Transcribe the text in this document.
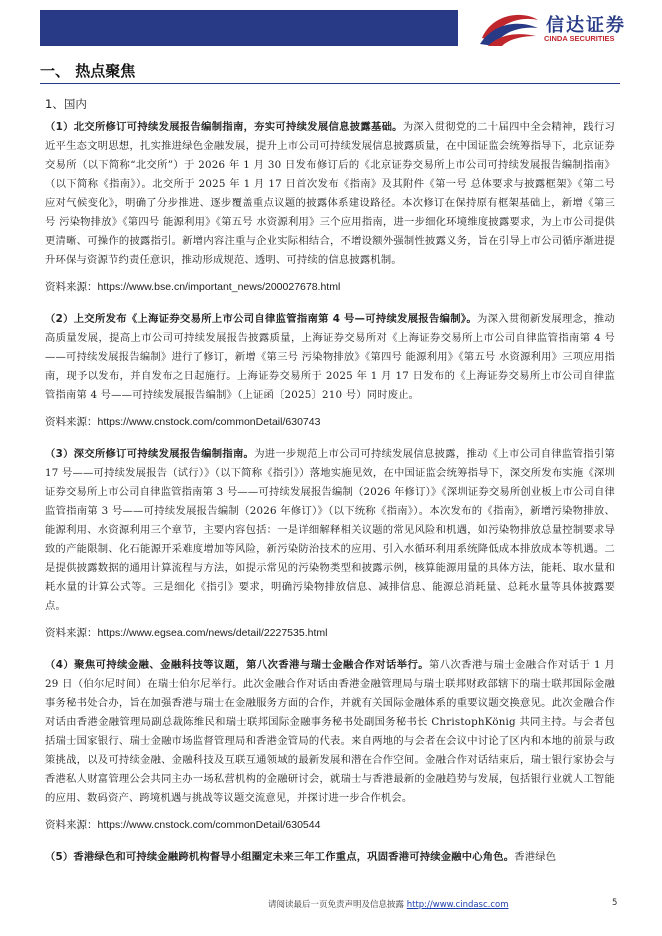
信达证券
CINDA SECURITIES
一、 热点聚焦
1、国内

（1）北交所修订可持续发展报告编制指南，夯实可持续发展信息披露基础。为深入贯彻党的二十届四中全会精神，践行习近平生态文明思想，扎实推进绿色金融发展，提升上市公司可持续发展信息披露质量，在中国证监会统筹指导下，北京证券交易所（以下简称“北交所”）于 2026 年 1 月 30 日发布修订后的《北京证券交易所上市公司可持续发展报告编制指南》（以下简称《指南》）。北交所于 2025 年 1 月 17 日首次发布《指南》及其附件《第一号 总体要求与披露框架》《第二号 应对气候变化》，明确了分步推进、逐步覆盖重点议题的披露体系建设路径。本次修订在保持原有框架基础上，新增《第三号 污染物排放》《第四号 能源利用》《第五号 水资源利用》三个应用指南，进一步细化环境维度披露要求，为上市公司提供更清晰、可操作的披露指引。新增内容注重与企业实际相结合，不增设额外强制性披露义务，旨在引导上市公司循序渐进提升环保与资源节约责任意识，推动形成规范、透明、可持续的信息披露机制。

资料来源：https://www.bse.cn/important_news/200027678.html

（2）上交所发布《上海证券交易所上市公司自律监管指南第 4 号—可持续发展报告编制》。为深入贯彻新发展理念，推动高质量发展，提高上市公司可持续发展报告披露质量，上海证券交易所对《上海证券交易所上市公司自律监管指南第 4 号——可持续发展报告编制》进行了修订，新增《第三号 污染物排放》《第四号 能源利用》《第五号 水资源利用》三项应用指南，现予以发布，并自发布之日起施行。上海证券交易所于 2025 年 1 月 17 日发布的《上海证券交易所上市公司自律监管指南第 4 号——可持续发展报告编制》（上证函〔2025〕210 号）同时废止。

资料来源：https://www.cnstock.com/commonDetail/630743

（3）深交所修订可持续发展报告编制指南。为进一步规范上市公司可持续发展信息披露，推动《上市公司自律监管指引第 17 号——可持续发展报告（试行）》（以下简称《指引》）落地实施见效，在中国证监会统筹指导下，深交所发布实施《深圳证券交易所上市公司自律监管指南第 3 号——可持续发展报告编制（2026 年修订）》《深圳证券交易所创业板上市公司自律监管指南第 3 号——可持续发展报告编制（2026 年修订）》（以下统称《指南》）。本次发布的《指南》，新增污染物排放、能源利用、水资源利用三个章节，主要内容包括：一是详细解释相关议题的常见风险和机遇，如污染物排放总量控制要求导致的产能限制、化石能源开采难度增加等风险，新污染防治技术的应用、引入水循环利用系统降低成本排放成本等机遇。二是提供披露数据的通用计算流程与方法，如提示常见的污染物类型和披露示例，核算能源用量的具体方法，能耗、取水量和耗水量的计算公式等。三是细化《指引》要求，明确污染物排放信息、减排信息、能源总消耗量、总耗水量等具体披露要点。

资料来源：https://www.egsea.com/news/detail/2227535.html

（4）聚焦可持续金融、金融科技等议题，第八次香港与瑞士金融合作对话举行。第八次香港与瑞士金融合作对话于 1 月 29 日（伯尔尼时间）在瑞士伯尔尼举行。此次金融合作对话由香港金融管理局与瑞士联邦财政部辖下的瑞士联邦国际金融事务秘书处合办，旨在加强香港与瑞士在金融服务方面的合作，并就有关国际金融体系的重要议题交换意见。此次金融合作对话由香港金融管理局副总裁陈维民和瑞士联邦国际金融事务秘书处副国务秘书长 ChristophKönig 共同主持。与会者包括瑞士国家银行、瑞士金融市场监督管理局和香港金管局的代表。来自两地的与会者在会议中讨论了区内和本地的前景与政策挑战，以及可持续金融、金融科技及互联互通领域的最新发展和潜在合作空间。金融合作对话结束后，瑞士银行家协会与香港私人财富管理公会共同主办一场私营机构的金融研讨会，就瑞士与香港最新的金融趋势与发展，包括银行业就人工智能的应用、数码资产、跨境机遇与挑战等议题交流意见，并探讨进一步合作机会。

资料来源：https://www.cnstock.com/commonDetail/630544

（5）香港绿色和可持续金融跨机构督导小组圈定未来三年工作重点，巩固香港可持续金融中心角色。香港绿色

请阅读最后一页免责声明及信息披露 http://www.cindasc.com	5
